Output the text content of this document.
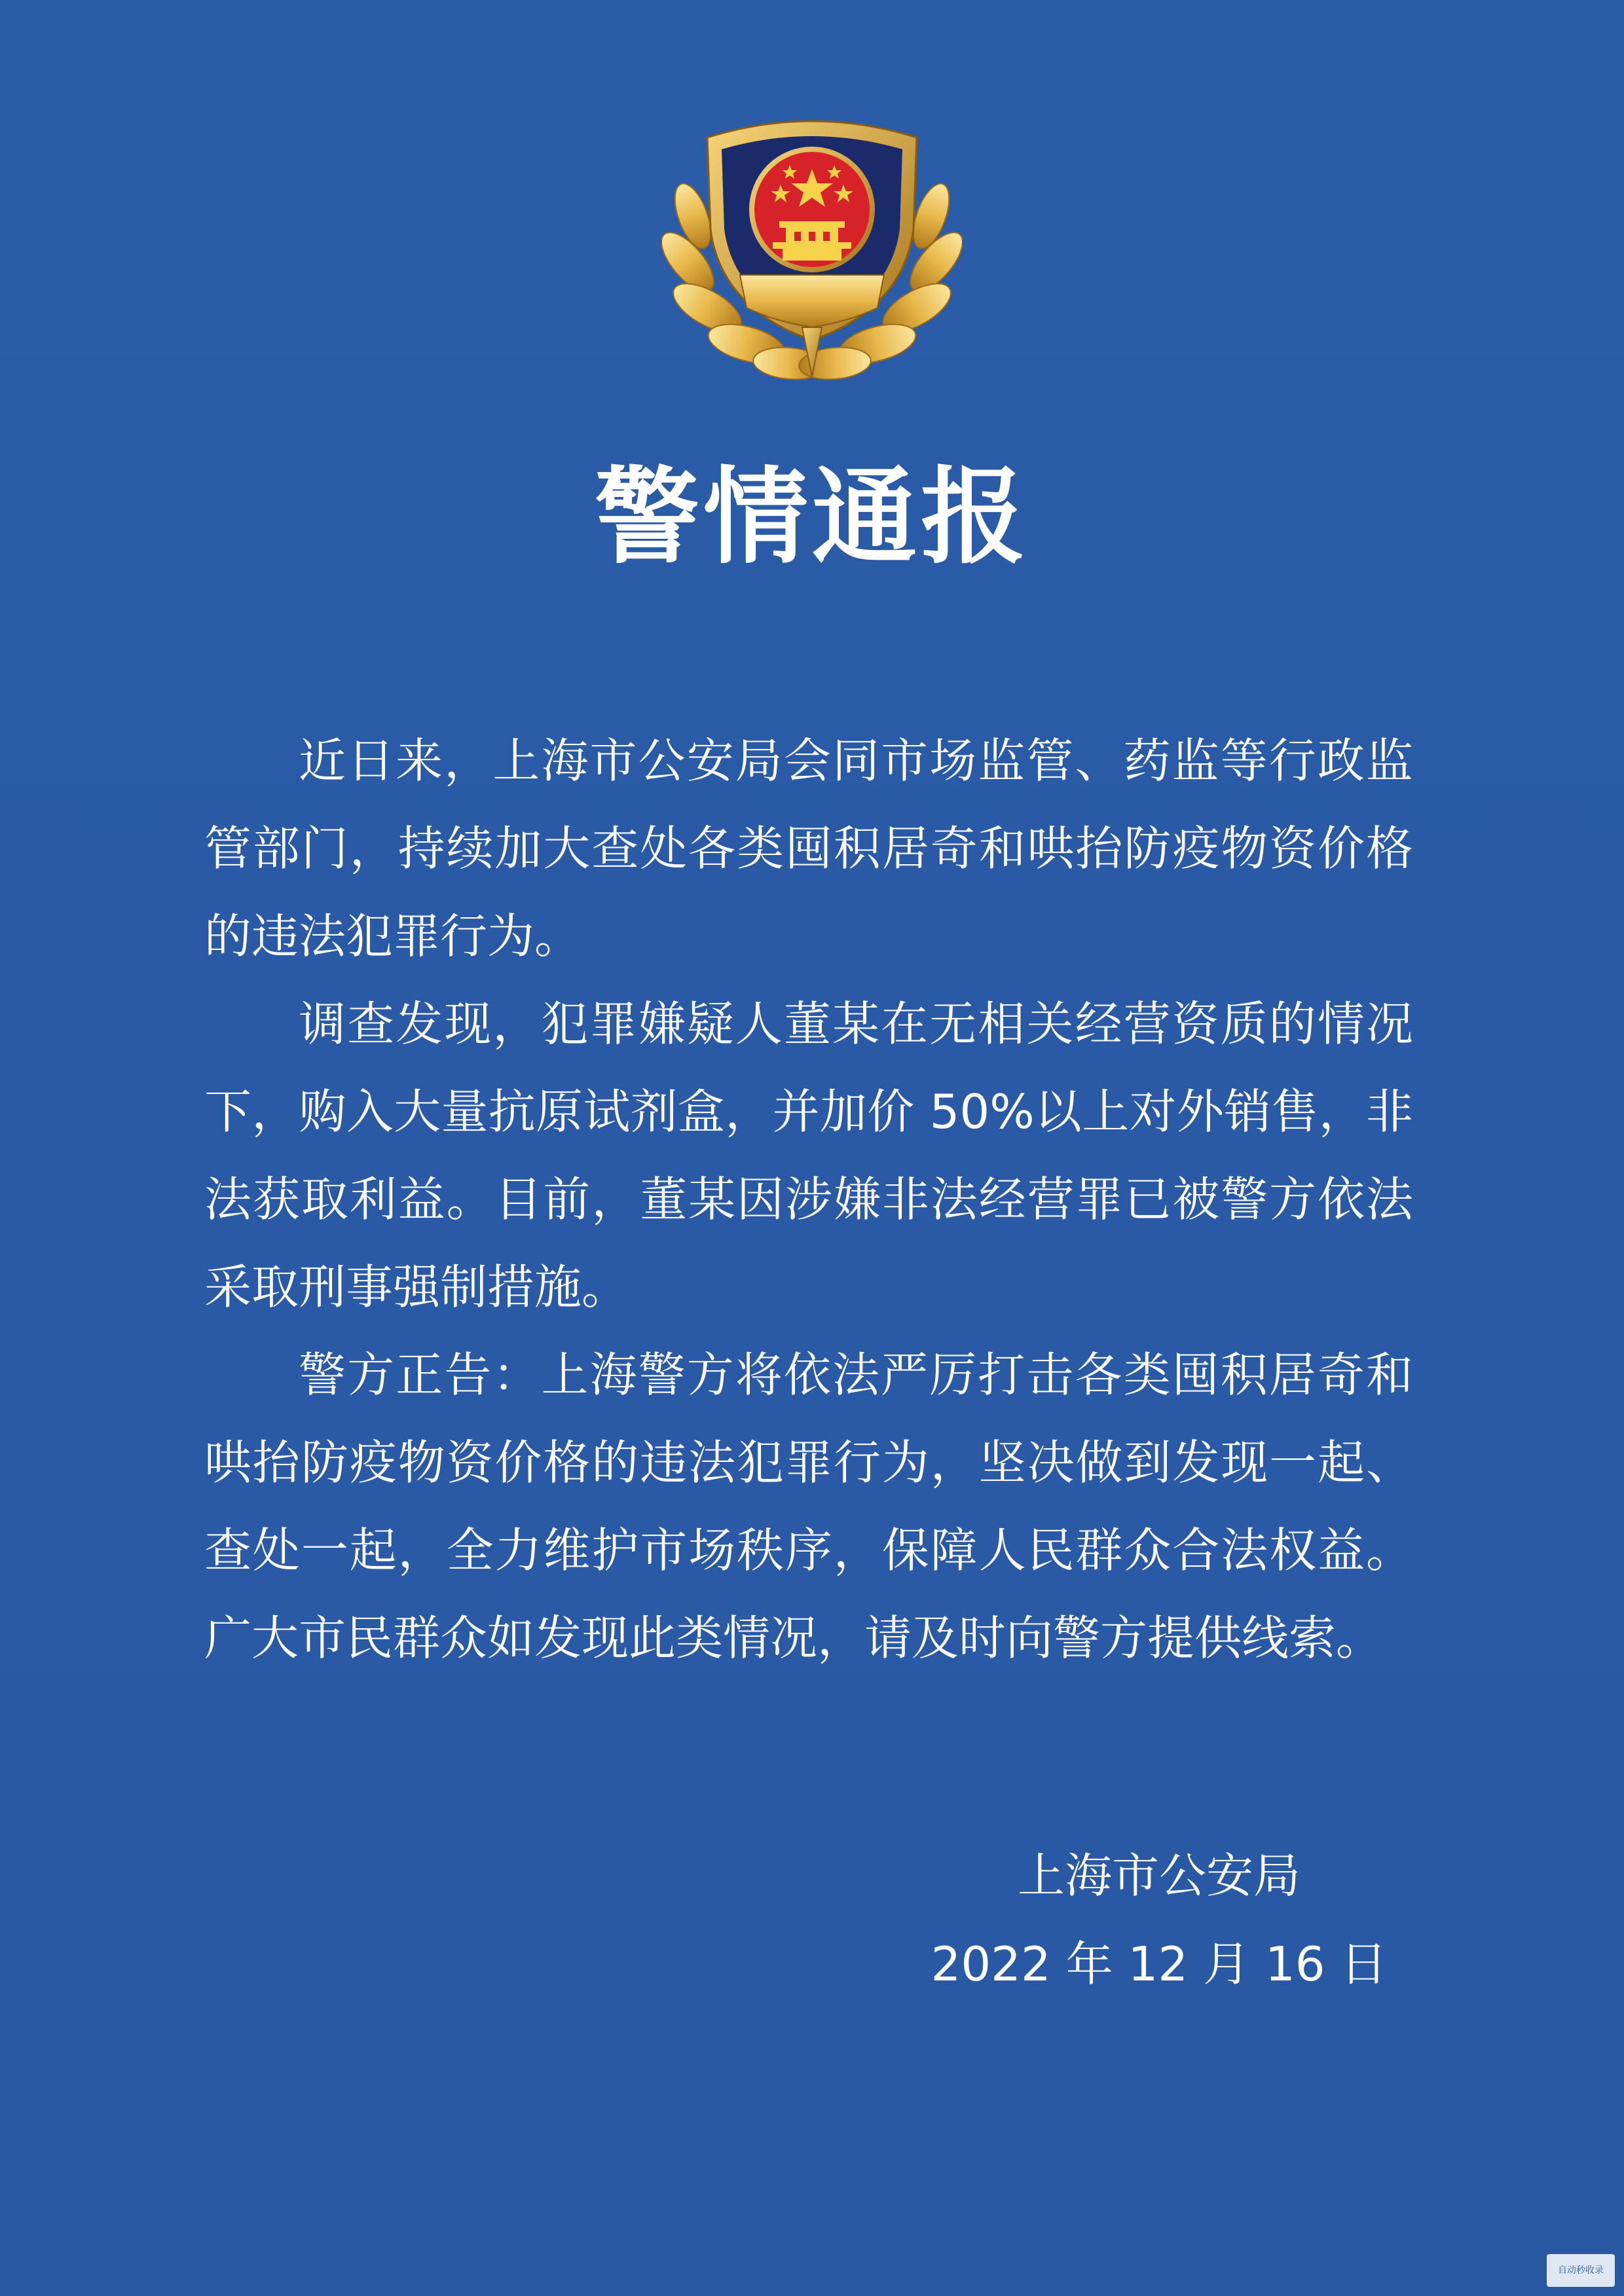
警情通报

近日来，上海市公安局会同市场监管、药监等行政监管部门，持续加大查处各类囤积居奇和哄抬防疫物资价格的违法犯罪行为。

调查发现，犯罪嫌疑人董某在无相关经营资质的情况下，购入大量抗原试剂盒，并加价 50%以上对外销售，非法获取利益。目前，董某因涉嫌非法经营罪已被警方依法采取刑事强制措施。

警方正告：上海警方将依法严厉打击各类囤积居奇和哄抬防疫物资价格的违法犯罪行为，坚决做到发现一起、查处一起，全力维护市场秩序，保障人民群众合法权益。广大市民群众如发现此类情况，请及时向警方提供线索。

上海市公安局
2022 年 12 月 16 日
自动秒收录
